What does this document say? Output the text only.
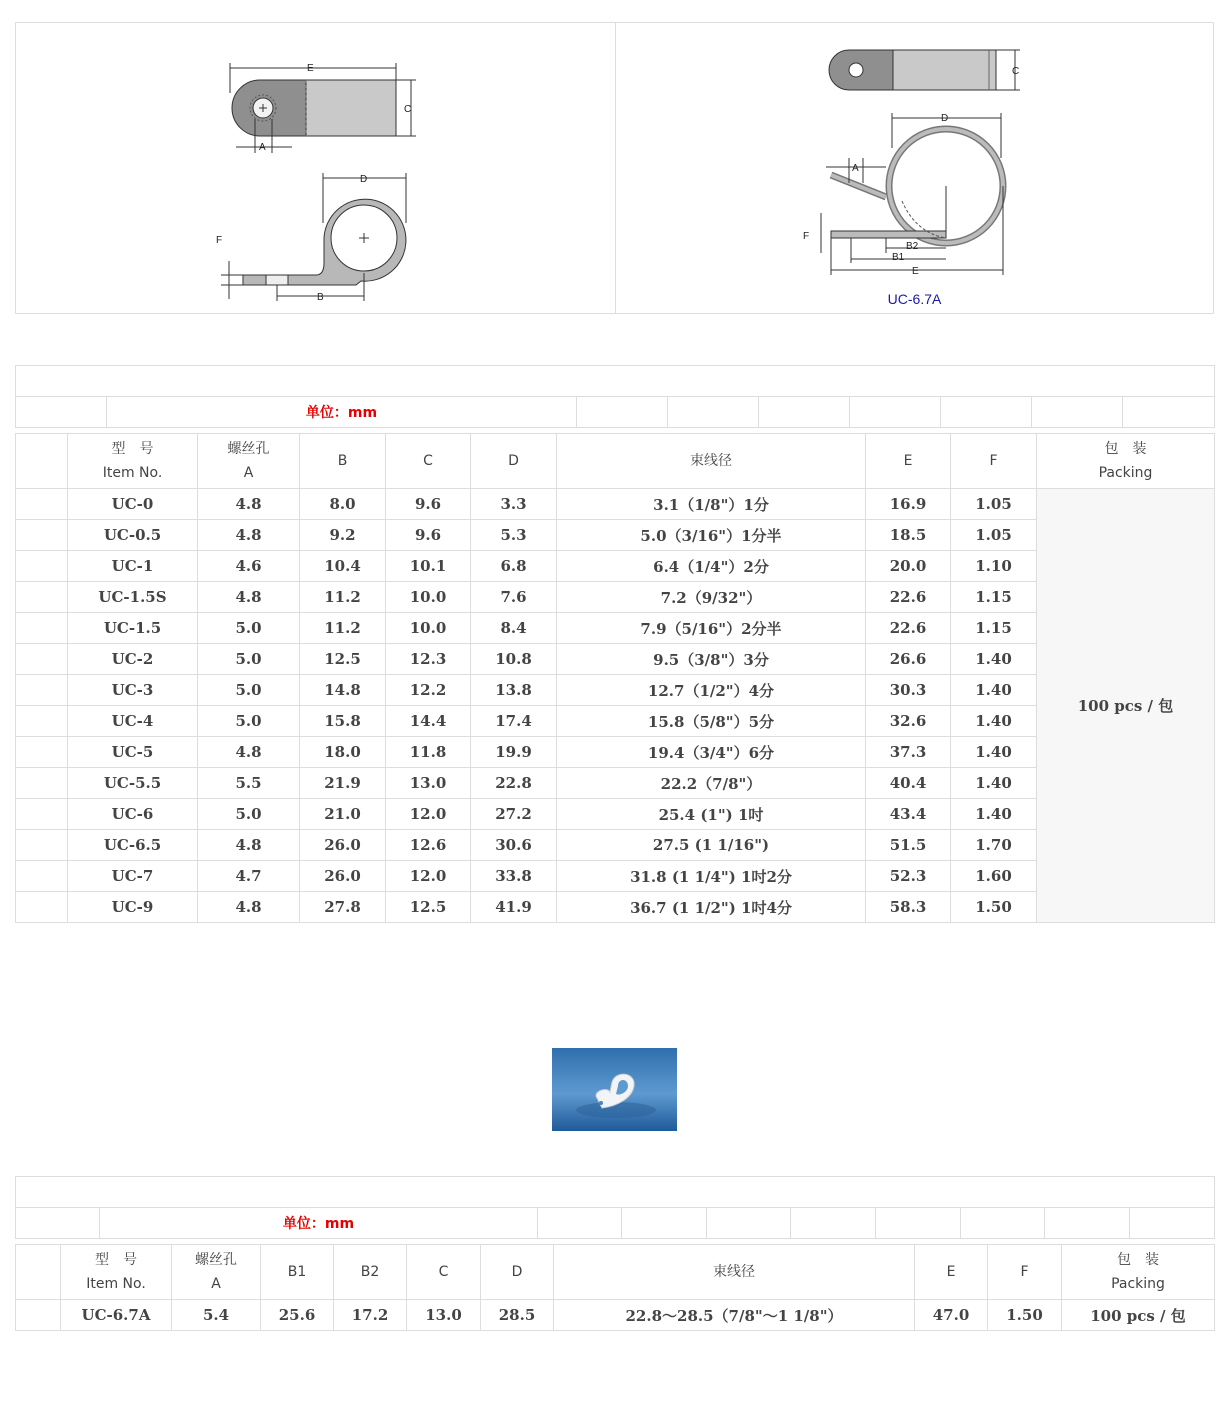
E
C
A
D
F
B
C
D
A
F
B2
B1
E
UC-6.7A

	单位：mm							
	型　号
Item No.	螺丝孔
A	B	C	D	束线径	E	F	包　装
Packing
	UC-0	4.8	8.0	9.6	3.3	3.1（1/8"）1分	16.9	1.05	100 pcs / 包
	UC-0.5	4.8	9.2	9.6	5.3	5.0（3/16"）1分半	18.5	1.05	
	UC-1	4.6	10.4	10.1	6.8	6.4（1/4"）2分	20.0	1.10	
	UC-1.5S	4.8	11.2	10.0	7.6	7.2（9/32"）	22.6	1.15	
	UC-1.5	5.0	11.2	10.0	8.4	7.9（5/16"）2分半	22.6	1.15	
	UC-2	5.0	12.5	12.3	10.8	9.5（3/8"）3分	26.6	1.40	
	UC-3	5.0	14.8	12.2	13.8	12.7（1/2"）4分	30.3	1.40	
	UC-4	5.0	15.8	14.4	17.4	15.8（5/8"）5分	32.6	1.40	
	UC-5	4.8	18.0	11.8	19.9	19.4（3/4"）6分	37.3	1.40	
	UC-5.5	5.5	21.9	13.0	22.8	22.2（7/8"）	40.4	1.40	
	UC-6	5.0	21.0	12.0	27.2	25.4 (1") 1吋	43.4	1.40	
	UC-6.5	4.8	26.0	12.6	30.6	27.5 (1 1/16")	51.5	1.70	
	UC-7	4.7	26.0	12.0	33.8	31.8 (1 1/4") 1吋2分	52.3	1.60	
	UC-9	4.8	27.8	12.5	41.9	36.7 (1 1/2") 1吋4分	58.3	1.50	

	单位：mm								
	型　号
Item No.	螺丝孔
A	B1	B2	C	D	束线径	E	F	包　装
Packing
	UC-6.7A	5.4	25.6	17.2	13.0	28.5	22.8～28.5（7/8"～1 1/8"）	47.0	1.50	100 pcs / 包
